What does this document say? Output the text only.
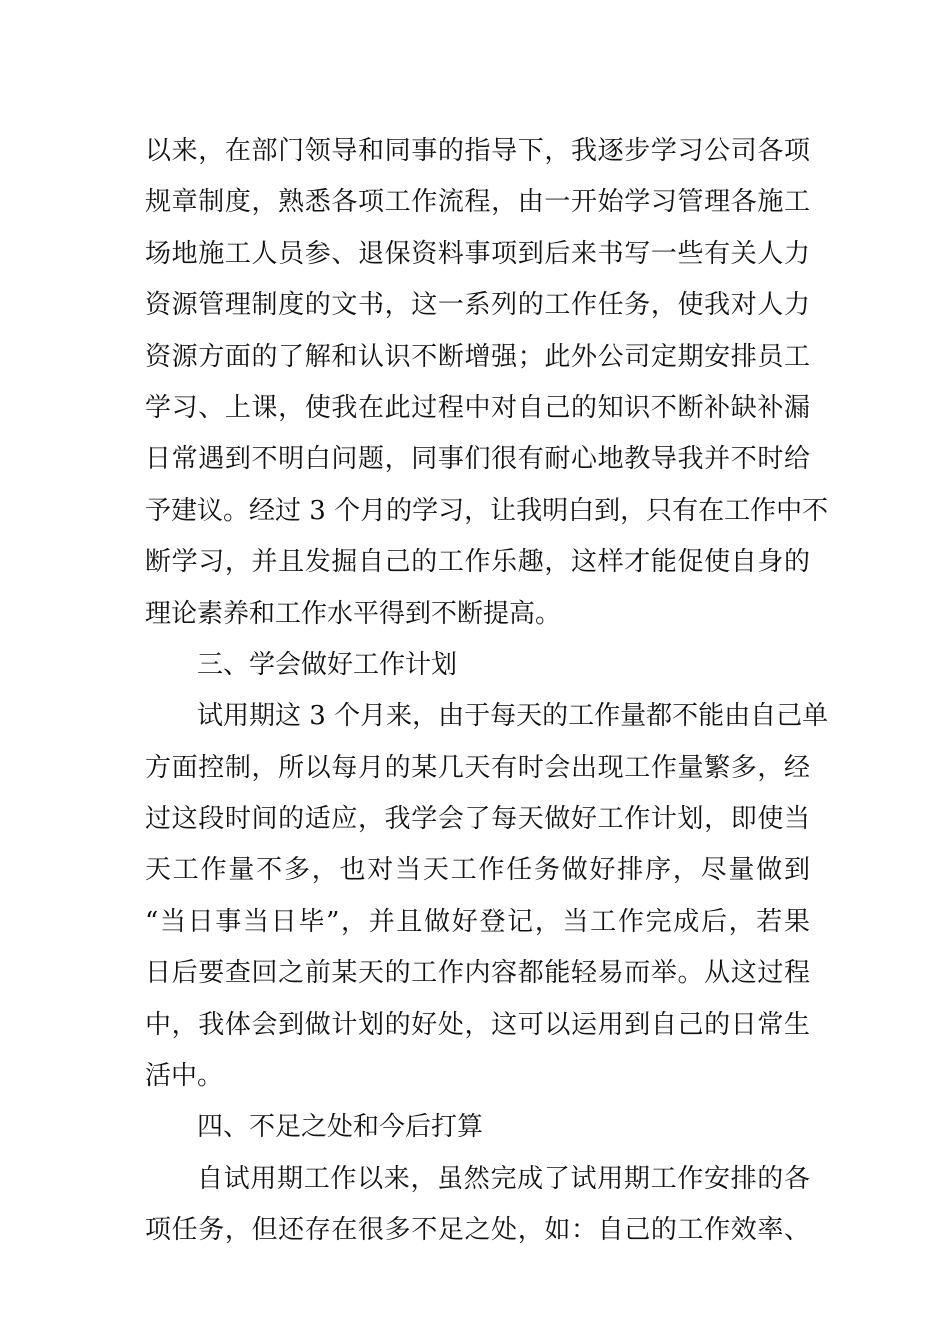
以来，在部门领导和同事的指导下，我逐步学习公司各项
规章制度，熟悉各项工作流程，由一开始学习管理各施工
场地施工人员参、退保资料事项到后来书写一些有关人力
资源管理制度的文书，这一系列的工作任务，使我对人力
资源方面的了解和认识不断增强；此外公司定期安排员工
学习、上课，使我在此过程中对自己的知识不断补缺补漏
日常遇到不明白问题，同事们很有耐心地教导我并不时给
予建议。经过 3 个月的学习，让我明白到，只有在工作中不
断学习，并且发掘自己的工作乐趣，这样才能促使自身的
理论素养和工作水平得到不断提高。
三、学会做好工作计划
试用期这 3 个月来，由于每天的工作量都不能由自己单
方面控制，所以每月的某几天有时会出现工作量繁多，经
过这段时间的适应，我学会了每天做好工作计划，即使当
天工作量不多，也对当天工作任务做好排序，尽量做到
“当日事当日毕”，并且做好登记，当工作完成后，若果
日后要查回之前某天的工作内容都能轻易而举。从这过程
中，我体会到做计划的好处，这可以运用到自己的日常生
活中。
四、不足之处和今后打算
自试用期工作以来，虽然完成了试用期工作安排的各
项任务，但还存在很多不足之处，如：自己的工作效率、
